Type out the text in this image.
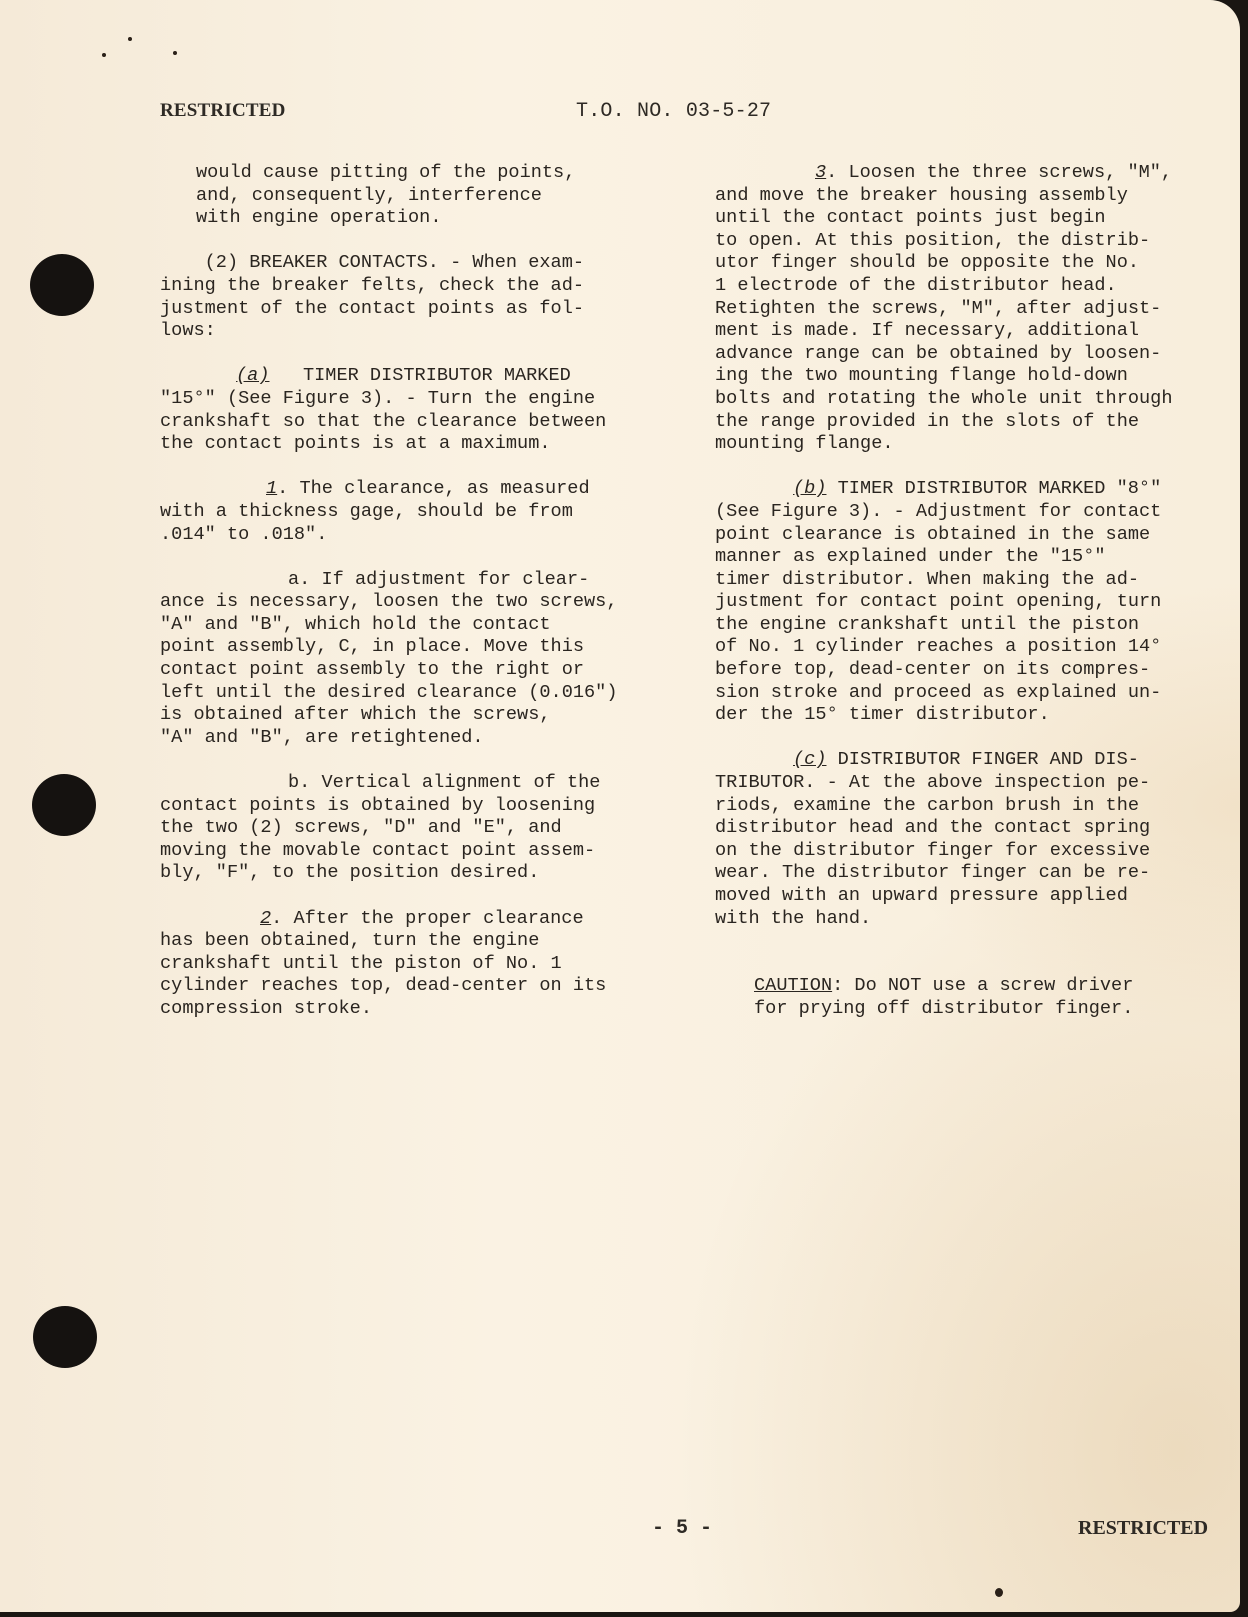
RESTRICTED	T.O. NO. 03-5-27
would cause pitting of the points,
and, consequently, interference
with engine operation.
(2) BREAKER CONTACTS. - When exam-
ining the breaker felts, check the ad-
justment of the contact points as fol-
lows:
(a) TIMER DISTRIBUTOR MARKED
"15°" (See Figure 3). - Turn the engine
crankshaft so that the clearance between
the contact points is at a maximum.
1. The clearance, as measured
with a thickness gage, should be from
.014" to .018".
a. If adjustment for clear-
ance is necessary, loosen the two screws,
"A" and "B", which hold the contact
point assembly, C, in place. Move this
contact point assembly to the right or
left until the desired clearance (0.016")
is obtained after which the screws,
"A" and "B", are retightened.
b. Vertical alignment of the
contact points is obtained by loosening
the two (2) screws, "D" and "E", and
moving the movable contact point assem-
bly, "F", to the position desired.
2. After the proper clearance
has been obtained, turn the engine
crankshaft until the piston of No. 1
cylinder reaches top, dead-center on its
compression stroke.
3. Loosen the three screws, "M",
and move the breaker housing assembly
until the contact points just begin
to open. At this position, the distrib-
utor finger should be opposite the No.
1 electrode of the distributor head.
Retighten the screws, "M", after adjust-
ment is made. If necessary, additional
advance range can be obtained by loosen-
ing the two mounting flange hold-down
bolts and rotating the whole unit through
the range provided in the slots of the
mounting flange.
(b) TIMER DISTRIBUTOR MARKED "8°"
(See Figure 3). - Adjustment for contact
point clearance is obtained in the same
manner as explained under the "15°"
timer distributor. When making the ad-
justment for contact point opening, turn
the engine crankshaft until the piston
of No. 1 cylinder reaches a position 14°
before top, dead-center on its compres-
sion stroke and proceed as explained un-
der the 15° timer distributor.
(c) DISTRIBUTOR FINGER AND DIS-
TRIBUTOR. - At the above inspection pe-
riods, examine the carbon brush in the
distributor head and the contact spring
on the distributor finger for excessive
wear. The distributor finger can be re-
moved with an upward pressure applied
with the hand.
CAUTION: Do NOT use a screw driver
for prying off distributor finger.
- 5 -	RESTRICTED
